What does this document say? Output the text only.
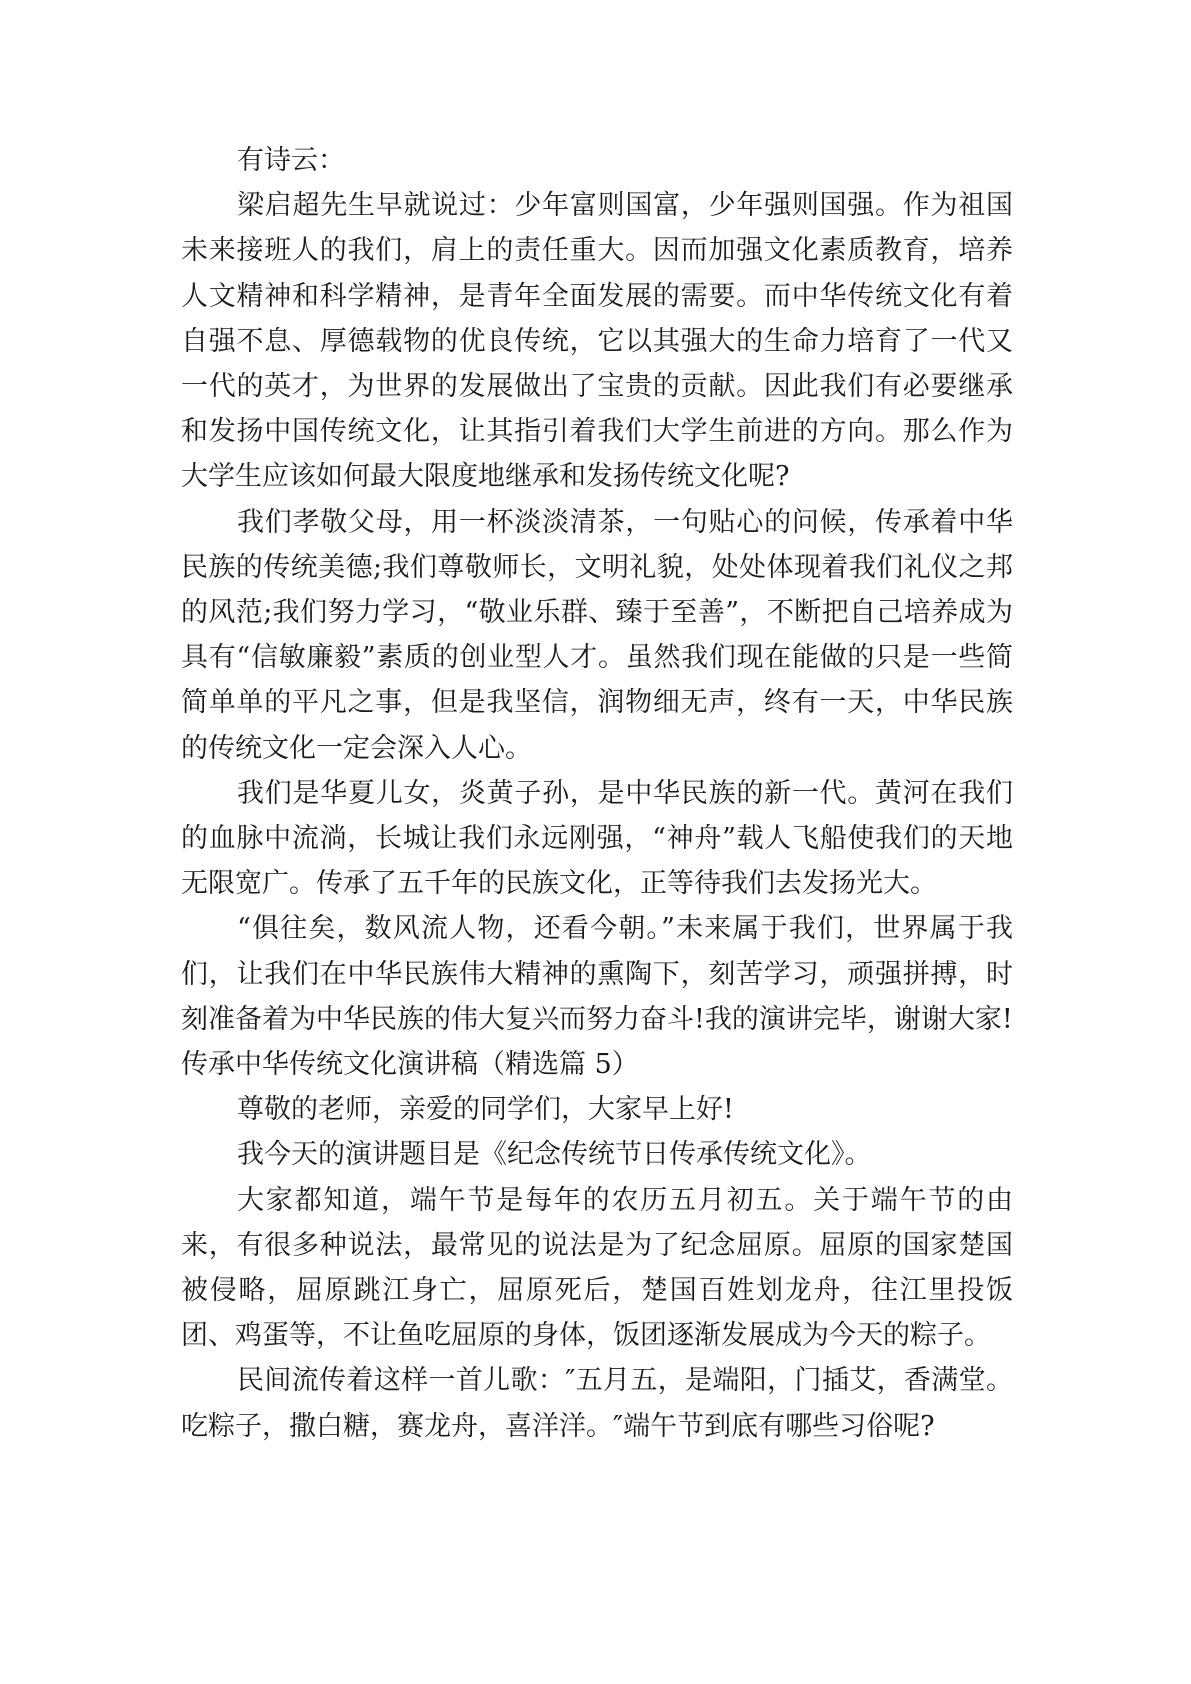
有诗云：

梁启超先生早就说过：少年富则国富，少年强则国强。作为祖国未来接班人的我们，肩上的责任重大。因而加强文化素质教育，培养人文精神和科学精神，是青年全面发展的需要。而中华传统文化有着自强不息、厚德载物的优良传统，它以其强大的生命力培育了一代又一代的英才，为世界的发展做出了宝贵的贡献。因此我们有必要继承和发扬中国传统文化，让其指引着我们大学生前进的方向。那么作为大学生应该如何最大限度地继承和发扬传统文化呢?

我们孝敬父母，用一杯淡淡清茶，一句贴心的问候，传承着中华民族的传统美德;我们尊敬师长，文明礼貌，处处体现着我们礼仪之邦的风范;我们努力学习，“敬业乐群、臻于至善”，不断把自己培养成为具有“信敏廉毅”素质的创业型人才。虽然我们现在能做的只是一些简简单单的平凡之事，但是我坚信，润物细无声，终有一天，中华民族的传统文化一定会深入人心。

我们是华夏儿女，炎黄子孙，是中华民族的新一代。黄河在我们的血脉中流淌，长城让我们永远刚强，“神舟”载人飞船使我们的天地无限宽广。传承了五千年的民族文化，正等待我们去发扬光大。

“俱往矣，数风流人物，还看今朝。”未来属于我们，世界属于我们，让我们在中华民族伟大精神的熏陶下，刻苦学习，顽强拼搏，时刻准备着为中华民族的伟大复兴而努力奋斗!我的演讲完毕，谢谢大家!

传承中华传统文化演讲稿（精选篇 5）

尊敬的老师，亲爱的同学们，大家早上好!

我今天的演讲题目是《纪念传统节日传承传统文化》。

大家都知道，端午节是每年的农历五月初五。关于端午节的由来，有很多种说法，最常见的说法是为了纪念屈原。屈原的国家楚国被侵略，屈原跳江身亡，屈原死后，楚国百姓划龙舟，往江里投饭团、鸡蛋等，不让鱼吃屈原的身体，饭团逐渐发展成为今天的粽子。

民间流传着这样一首儿歌：″五月五，是端阳，门插艾，香满堂。吃粽子，撒白糖，赛龙舟，喜洋洋。″端午节到底有哪些习俗呢?
